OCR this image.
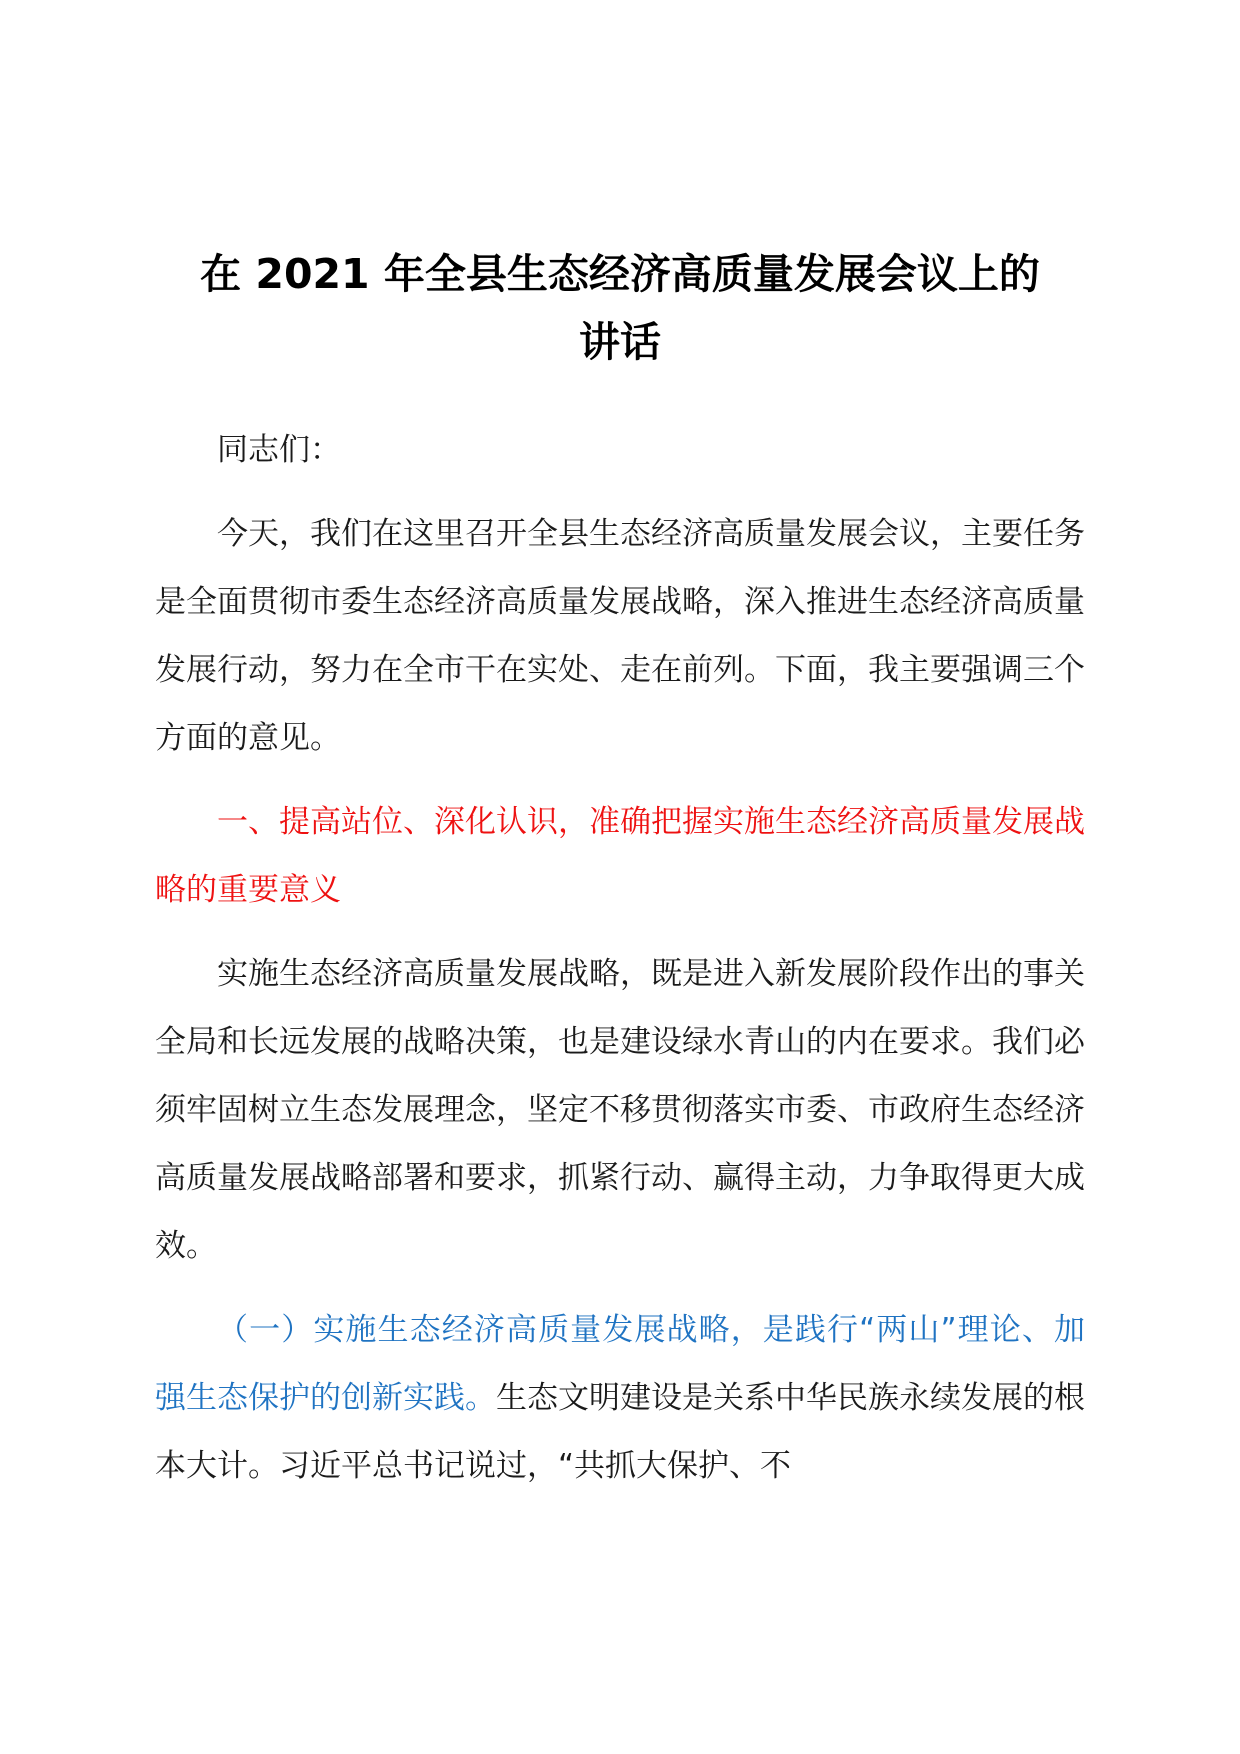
在 2021 年全县生态经济高质量发展会议上的
讲话

同志们：

今天，我们在这里召开全县生态经济高质量发展会议，主要任务是全面贯彻市委生态经济高质量发展战略，深入推进生态经济高质量发展行动，努力在全市干在实处、走在前列。下面，我主要强调三个方面的意见。

一、提高站位、深化认识，准确把握实施生态经济高质量发展战略的重要意义

实施生态经济高质量发展战略，既是进入新发展阶段作出的事关全局和长远发展的战略决策，也是建设绿水青山的内在要求。我们必须牢固树立生态发展理念，坚定不移贯彻落实市委、市政府生态经济高质量发展战略部署和要求，抓紧行动、赢得主动，力争取得更大成效。

（一）实施生态经济高质量发展战略，是践行“两山”理论、加强生态保护的创新实践。生态文明建设是关系中华民族永续发展的根本大计。习近平总书记说过，“共抓大保护、不
